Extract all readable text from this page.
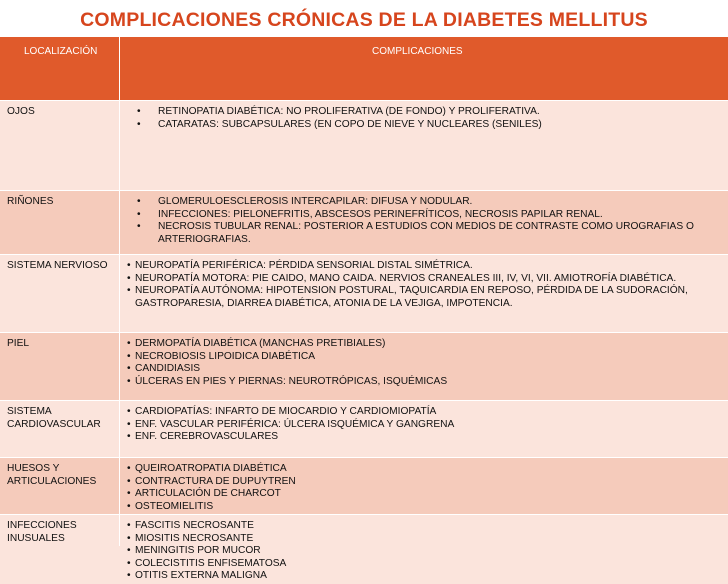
COMPLICACIONES CRÓNICAS DE LA DIABETES MELLITUS
LOCALIZACIÓN	COMPLICACIONES
OJOS	• RETINOPATIA DIABÉTICA: NO PROLIFERATIVA (DE FONDO) Y PROLIFERATIVA.
• CATARATAS: SUBCAPSULARES (EN COPO DE NIEVE Y NUCLEARES (SENILES)
RIÑONES	• GLOMERULOESCLEROSIS INTERCAPILAR: DIFUSA Y NODULAR.
• INFECCIONES: PIELONEFRITIS, ABSCESOS PERINEFRÍTICOS, NECROSIS PAPILAR RENAL.
• NECROSIS TUBULAR RENAL: POSTERIOR A ESTUDIOS CON MEDIOS DE CONTRASTE COMO UROGRAFIAS O ARTERIOGRAFIAS.
SISTEMA NERVIOSO	• NEUROPATÍA PERIFÉRICA: PÉRDIDA SENSORIAL DISTAL SIMÉTRICA.
• NEUROPATÍA MOTORA: PIE CAIDO, MANO CAIDA. NERVIOS CRANEALES III, IV, VI, VII. AMIOTROFÍA DIABÉTICA.
• NEUROPATÍA AUTÓNOMA: HIPOTENSION POSTURAL, TAQUICARDIA EN REPOSO, PÉRDIDA DE LA SUDORACIÓN, GASTROPARESIA, DIARREA DIABÉTICA, ATONIA DE LA VEJIGA, IMPOTENCIA.
PIEL	• DERMOPATÍA DIABÉTICA (MANCHAS PRETIBIALES)
• NECROBIOSIS LIPOIDICA DIABÉTICA
• CANDIDIASIS
• ÚLCERAS EN PIES Y PIERNAS: NEUROTRÓPICAS, ISQUÉMICAS
SISTEMA
CARDIOVASCULAR
• CARDIOPATÍAS: INFARTO DE MIOCARDIO Y CARDIOMIOPATÍA
• ENF. VASCULAR PERIFÉRICA: ÚLCERA ISQUÉMICA Y GANGRENA
• ENF. CEREBROVASCULARES
HUESOS Y
ARTICULACIONES
• QUEIROATROPATIA DIABÉTICA
• CONTRACTURA DE DUPUYTREN
• ARTICULACIÓN DE CHARCOT
• OSTEOMIELITIS
INFECCIONES
INUSUALES
• FASCITIS NECROSANTE
• MIOSITIS NECROSANTE
• MENINGITIS POR MUCOR
• COLECISTITIS ENFISEMATOSA
• OTITIS EXTERNA MALIGNA
